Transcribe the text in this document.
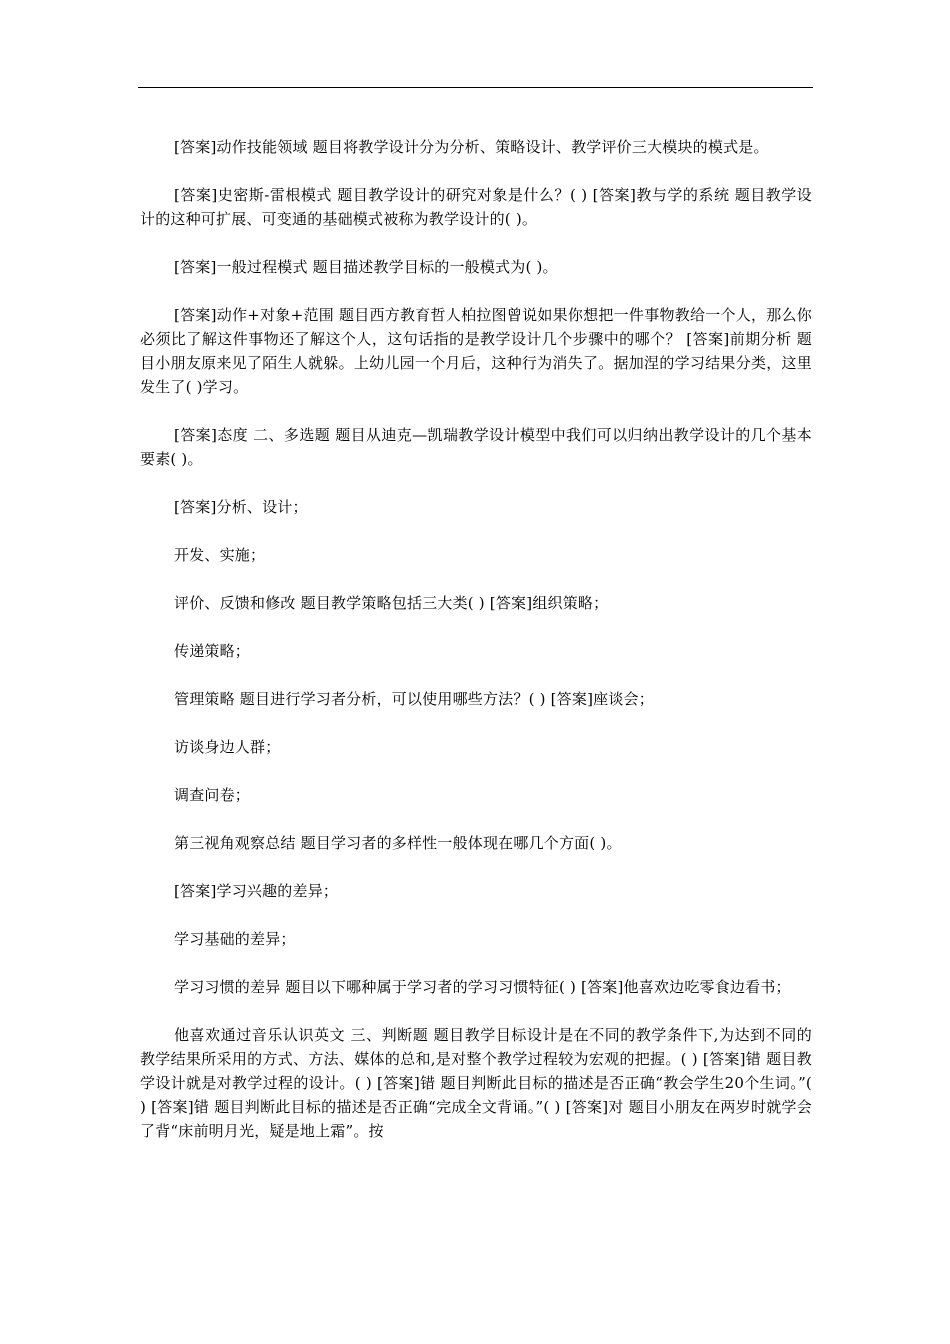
[答案]动作技能领域 题目将教学设计分为分析、策略设计、教学评价三大模块的模式是。

[答案]史密斯-雷根模式 题目教学设计的研究对象是什么？( ) [答案]教与学的系统 题目教学设计的这种可扩展、可变通的基础模式被称为教学设计的( )。

[答案]一般过程模式 题目描述教学目标的一般模式为( )。

[答案]动作+对象+范围 题目西方教育哲人柏拉图曾说如果你想把一件事物教给一个人，那么你必须比了解这件事物还了解这个人，这句话指的是教学设计几个步骤中的哪个？ [答案]前期分析 题目小朋友原来见了陌生人就躲。上幼儿园一个月后，这种行为消失了。据加涅的学习结果分类，这里发生了( )学习。

[答案]态度 二、多选题 题目从迪克—凯瑞教学设计模型中我们可以归纳出教学设计的几个基本要素( )。

[答案]分析、设计；

开发、实施；

评价、反馈和修改 题目教学策略包括三大类( ) [答案]组织策略；

传递策略；

管理策略 题目进行学习者分析，可以使用哪些方法？( ) [答案]座谈会；

访谈身边人群；

调查问卷；

第三视角观察总结 题目学习者的多样性一般体现在哪几个方面( )。

[答案]学习兴趣的差异；

学习基础的差异；

学习习惯的差异 题目以下哪种属于学习者的学习习惯特征( ) [答案]他喜欢边吃零食边看书；

他喜欢通过音乐认识英文 三、判断题 题目教学目标设计是在不同的教学条件下,为达到不同的教学结果所采用的方式、方法、媒体的总和,是对整个教学过程较为宏观的把握。( ) [答案]错 题目教学设计就是对教学过程的设计。( ) [答案]错 题目判断此目标的描述是否正确“教会学生20个生词。”( ) [答案]错 题目判断此目标的描述是否正确“完成全文背诵。”( ) [答案]对 题目小朋友在两岁时就学会了背“床前明月光，疑是地上霜”。按
